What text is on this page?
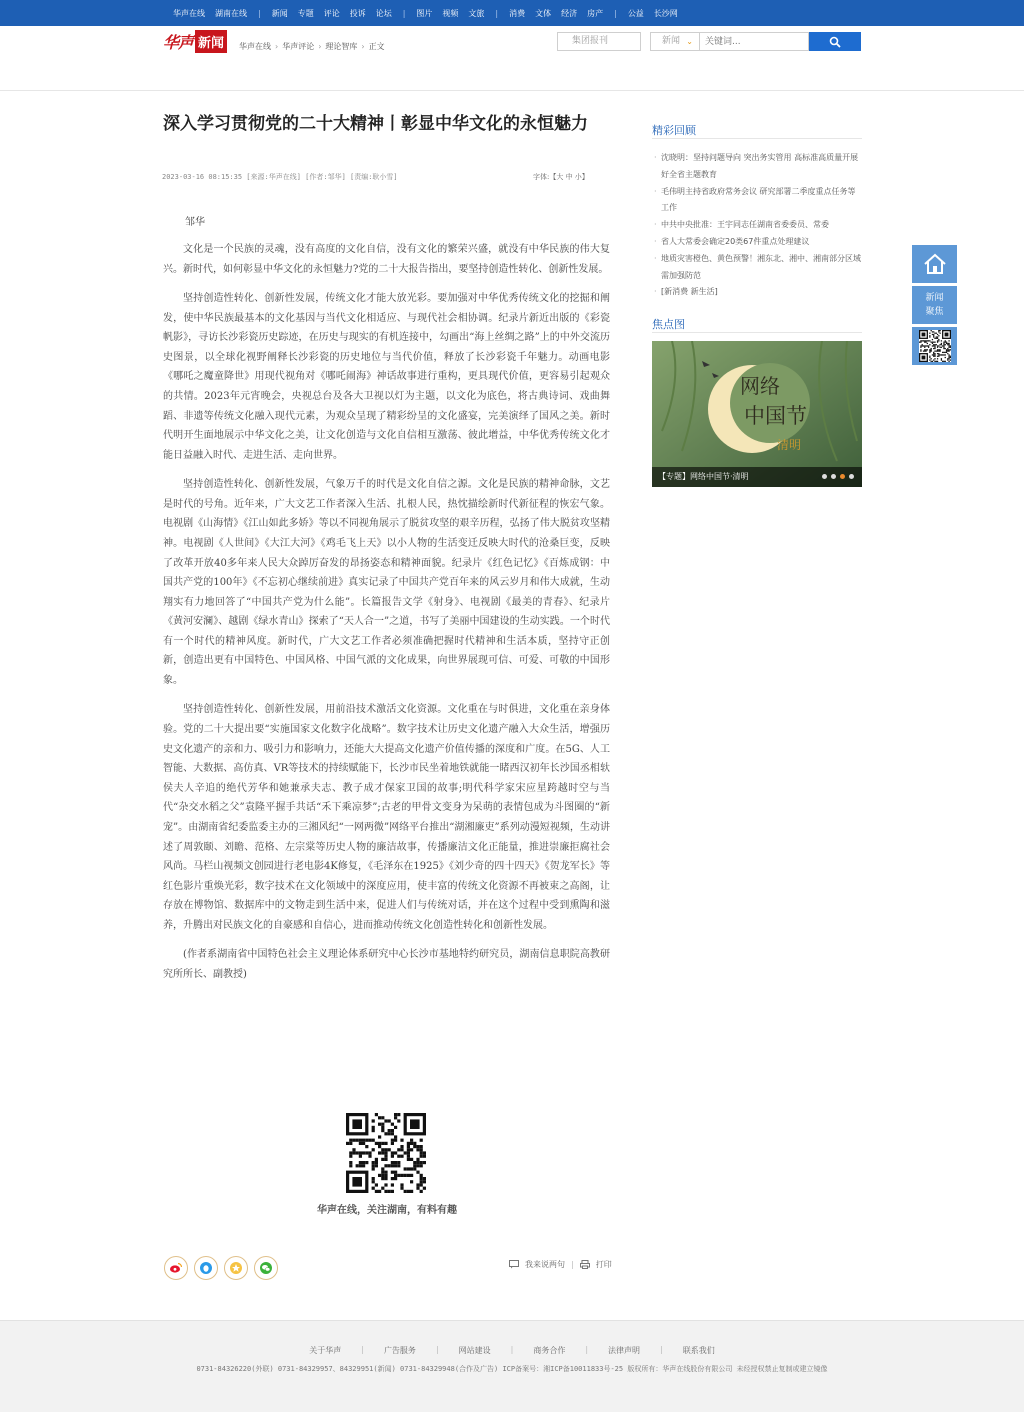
华声在线 湖南在线 | 新闻 专题 评论 投诉 论坛 | 图片 视频 文旅 | 消费 文体 经济 房产 | 公益 长沙网
华声 新闻	华声在线 › 华声评论 › 理论智库 › 正文
集团报刊	新闻 ⌄
关键词...
深入学习贯彻党的二十大精神丨彰显中华文化的永恒魅力
2023-03-16 08:15:35 [来源:华声在线] [作者:邹华] [责编:耿小雪]	字体:【大 中 小】
邹华

文化是一个民族的灵魂，没有高度的文化自信，没有文化的繁荣兴盛，就没有中华民族的伟大复兴。新时代，如何彰显中华文化的永恒魅力?党的二十大报告指出，要坚持创造性转化、创新性发展。

坚持创造性转化、创新性发展，传统文化才能大放光彩。要加强对中华优秀传统文化的挖掘和阐发，使中华民族最基本的文化基因与当代文化相适应、与现代社会相协调。纪录片新近出版的《彩瓷帆影》，寻访长沙彩瓷历史踪迹，在历史与现实的有机连接中，勾画出“海上丝绸之路”上的中外交流历史图景，以全球化视野阐释长沙彩瓷的历史地位与当代价值，释放了长沙彩瓷千年魅力。动画电影《哪吒之魔童降世》用现代视角对《哪吒闹海》神话故事进行重构，更具现代价值，更容易引起观众的共情。2023年元宵晚会，央视总台及各大卫视以灯为主题，以文化为底色，将古典诗词、戏曲舞蹈、非遗等传统文化融入现代元素，为观众呈现了精彩纷呈的文化盛宴，完美演绎了国风之美。新时代明开生面地展示中华文化之美，让文化创造与文化自信相互激荡、彼此增益，中华优秀传统文化才能日益融入时代、走进生活、走向世界。

坚持创造性转化、创新性发展，气象万千的时代是文化自信之源。文化是民族的精神命脉，文艺是时代的号角。近年来，广大文艺工作者深入生活、扎根人民，热忱描绘新时代新征程的恢宏气象。电视剧《山海情》《江山如此多娇》等以不同视角展示了脱贫攻坚的艰辛历程，弘扬了伟大脱贫攻坚精神。电视剧《人世间》《大江大河》《鸡毛飞上天》以小人物的生活变迁反映大时代的沧桑巨变，反映了改革开放40多年来人民大众踔厉奋发的昂扬姿态和精神面貌。纪录片《红色记忆》《百炼成钢：中国共产党的100年》《不忘初心继续前进》真实记录了中国共产党百年来的风云岁月和伟大成就，生动翔实有力地回答了“中国共产党为什么能”。长篇报告文学《射身》、电视剧《最美的青春》、纪录片《黄河安澜》、越剧《绿水青山》探索了“天人合一”之道，书写了美丽中国建设的生动实践。一个时代有一个时代的精神风度。新时代，广大文艺工作者必须准确把握时代精神和生活本质，坚持守正创新，创造出更有中国特色、中国风格、中国气派的文化成果，向世界展现可信、可爱、可敬的中国形象。

坚持创造性转化、创新性发展，用前沿技术激活文化资源。文化重在与时俱进，文化重在亲身体验。党的二十大提出要“实施国家文化数字化战略”。数字技术让历史文化遗产融入大众生活，增强历史文化遗产的亲和力、吸引力和影响力，还能大大提高文化遗产价值传播的深度和广度。在5G、人工智能、大数据、高仿真、VR等技术的持续赋能下，长沙市民坐着地铁就能一睹西汉初年长沙国丞相轪侯夫人辛追的绝代芳华和她兼承夫志、教子成才保家卫国的故事;明代科学家宋应星跨越时空与当代“杂交水稻之父”袁隆平握手共话“禾下乘凉梦”;古老的甲骨文变身为呆萌的表情包成为斗图圈的“新宠”。由湖南省纪委监委主办的三湘风纪“一网两微”网络平台推出“湖湘廉吏”系列动漫短视频，生动讲述了周敦颐、刘瞻、范格、左宗棠等历史人物的廉洁故事，传播廉洁文化正能量，推进崇廉拒腐社会风尚。马栏山视频文创园进行老电影4K修复，《毛泽东在1925》《刘少奇的四十四天》《贺龙军长》等红色影片重焕光彩，数字技术在文化领域中的深度应用，使丰富的传统文化资源不再被束之高阁，让存放在博物馆、数据库中的文物走到生活中来，促进人们与传统对话，并在这个过程中受到熏陶和滋养，升腾出对民族文化的自豪感和自信心，进而推动传统文化创造性转化和创新性发展。

(作者系湖南省中国特色社会主义理论体系研究中心长沙市基地特约研究员，湖南信息职院高教研究所所长、副教授)

华声在线，关注湖南，有料有趣
我来说两句 |	打印
精彩回顾
· 沈晓明：坚持问题导向 突出务实管用 高标准高质量开展好全省主题教育
· 毛伟明主持省政府常务会议 研究部署二季度重点任务等工作
· 中共中央批准：王宇同志任湖南省委委员、常委
· 省人大常委会确定20类67件重点处理建议
· 地质灾害橙色、黄色预警！湘东北、湘中、湘南部分区域需加强防范
· [新消费 新生活]
焦点图
网络
中国节
清明
【专题】网络中国节·清明
新闻聚焦
关于华声	|	广告服务	|	网站建设	|	商务合作	|	法律声明	|	联系我们
0731-84326220(外联) 0731-84329957、84329951(新闻) 0731-84329948(合作及广告) ICP备案号：湘ICP备10011833号-25 版权所有：华声在线股份有限公司 未经授权禁止复制或建立镜像
